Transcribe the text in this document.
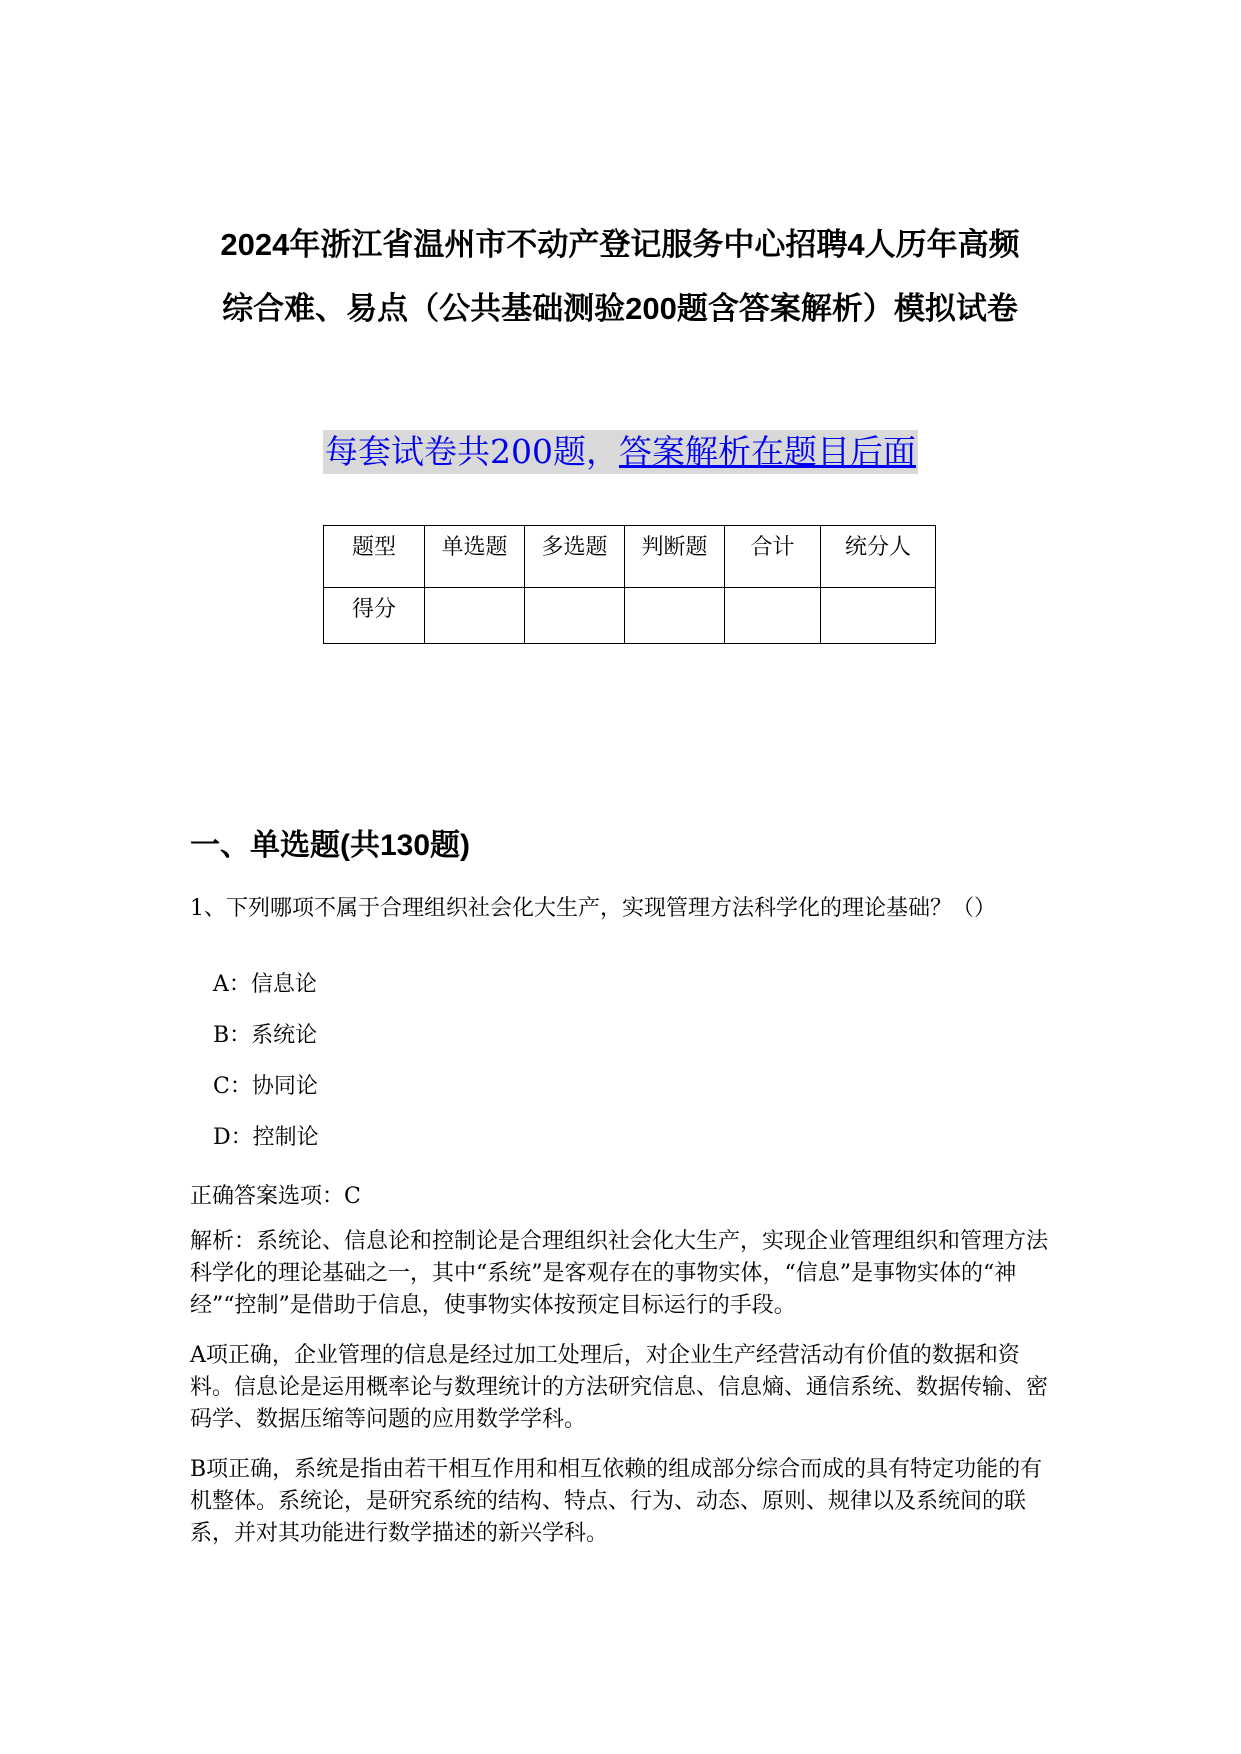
2024年浙江省温州市不动产登记服务中心招聘4人历年高频
综合难、易点（公共基础测验200题含答案解析）模拟试卷
每套试卷共200题，答案解析在题目后面
题型	单选题	多选题	判断题	合计	统分人
得分					
一、单选题(共130题)
1、下列哪项不属于合理组织社会化大生产，实现管理方法科学化的理论基础？（）
A：信息论
B：系统论
C：协同论
D：控制论
正确答案选项：C
解析：系统论、信息论和控制论是合理组织社会化大生产，实现企业管理组织和管理方法科学化的理论基础之一，其中“系统”是客观存在的事物实体，“信息”是事物实体的“神经”“控制”是借助于信息，使事物实体按预定目标运行的手段。
A项正确，企业管理的信息是经过加工处理后，对企业生产经营活动有价值的数据和资料。信息论是运用概率论与数理统计的方法研究信息、信息熵、通信系统、数据传输、密码学、数据压缩等问题的应用数学学科。
B项正确，系统是指由若干相互作用和相互依赖的组成部分综合而成的具有特定功能的有机整体。系统论，是研究系统的结构、特点、行为、动态、原则、规律以及系统间的联系，并对其功能进行数学描述的新兴学科。
